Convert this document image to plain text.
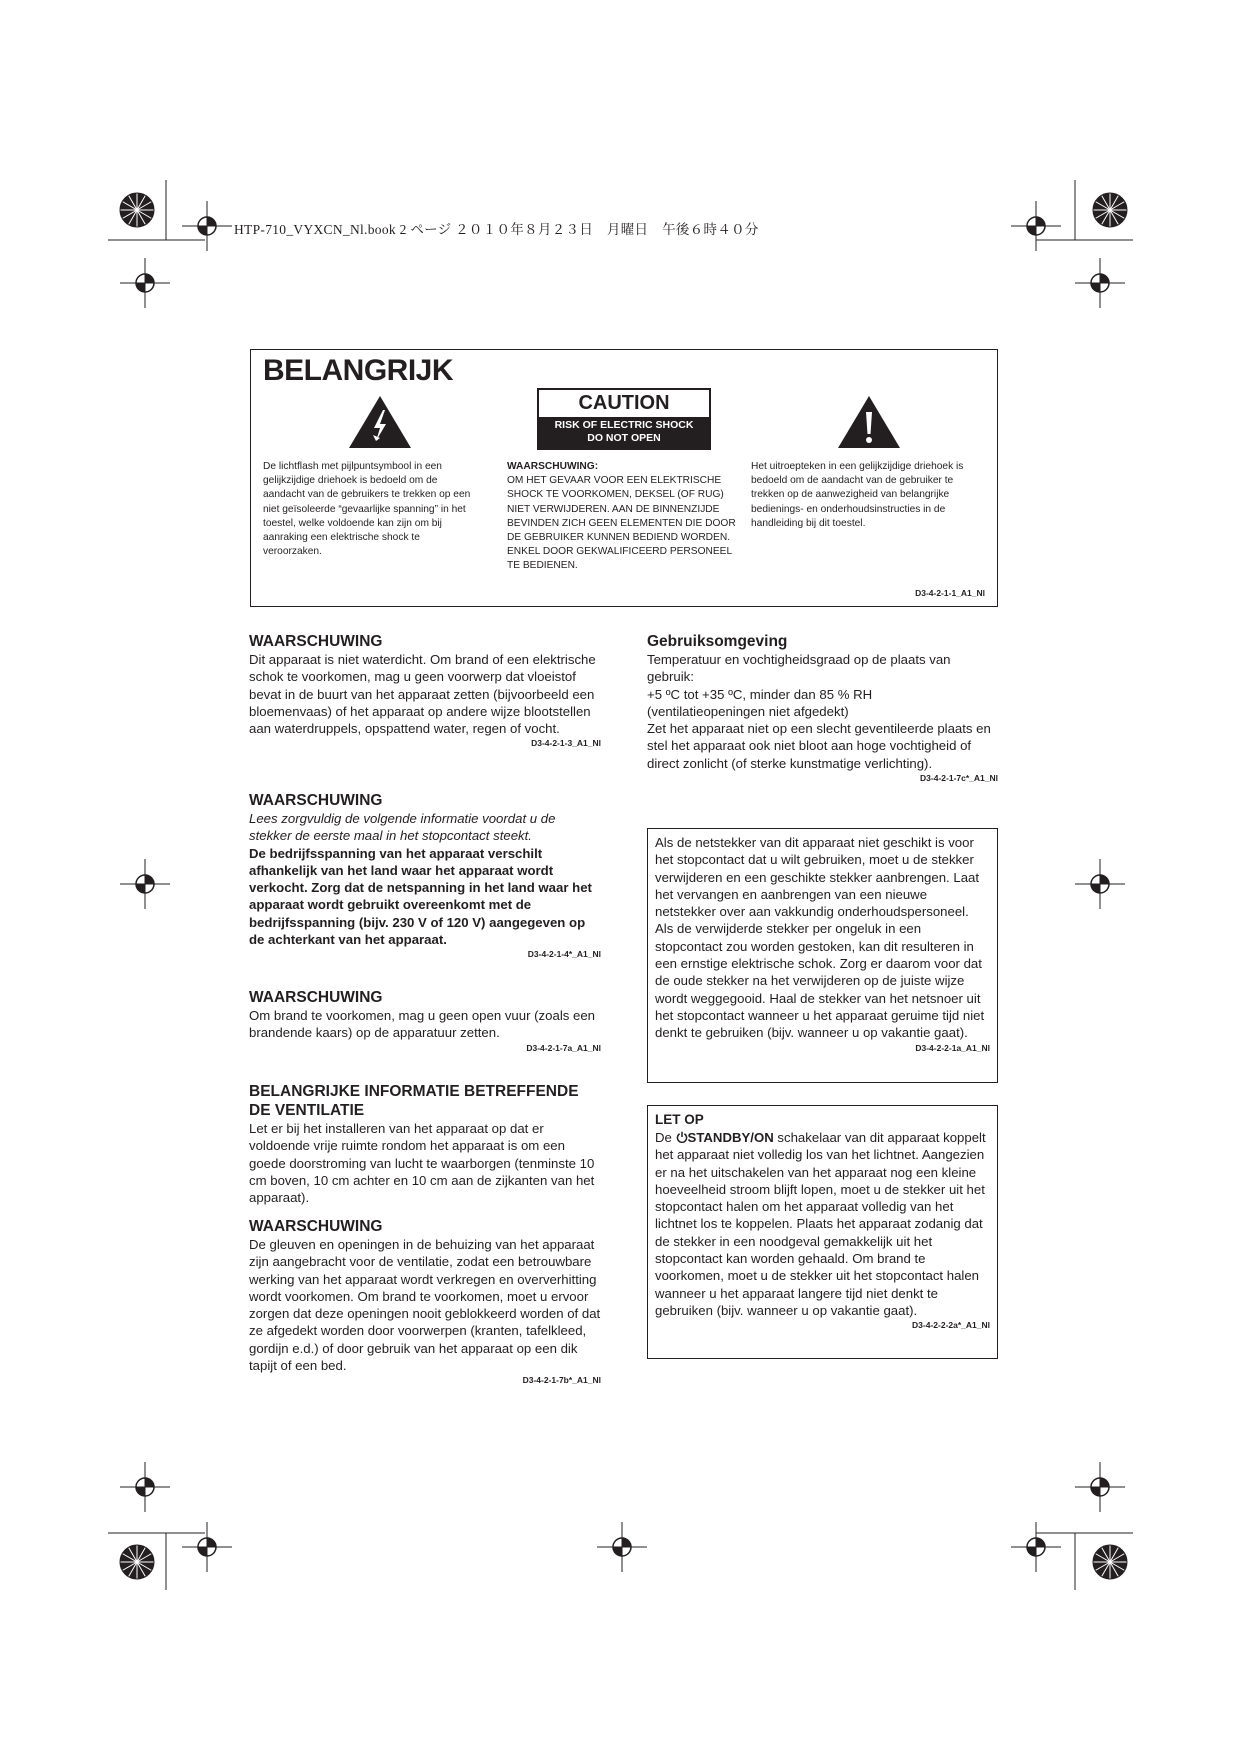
HTP-710_VYXCN_Nl.book 2 ページ ２０１０年８月２３日　月曜日　午後６時４０分
BELANGRIJK
CAUTION
RISK OF ELECTRIC SHOCK
DO NOT OPEN
De lichtflash met pijlpuntsymbool in een gelijkzijdige driehoek is bedoeld om de aandacht van de gebruikers te trekken op een niet geïsoleerde “gevaarlijke spanning” in het toestel, welke voldoende kan zijn om bij aanraking een elektrische shock te veroorzaken.
WAARSCHUWING:
OM HET GEVAAR VOOR EEN ELEKTRISCHE SHOCK TE VOORKOMEN, DEKSEL (OF RUG) NIET VERWIJDEREN. AAN DE BINNENZIJDE BEVINDEN ZICH GEEN ELEMENTEN DIE DOOR DE GEBRUIKER KUNNEN BEDIEND WORDEN. ENKEL DOOR GEKWALIFICEERD PERSONEEL TE BEDIENEN.
Het uitroepteken in een gelijkzijdige driehoek is bedoeld om de aandacht van de gebruiker te trekken op de aanwezigheid van belangrijke bedienings- en onderhoudsinstructies in de handleiding bij dit toestel.
D3-4-2-1-1_A1_Nl
WAARSCHUWING

Dit apparaat is niet waterdicht. Om brand of een elektrische schok te voorkomen, mag u geen voorwerp dat vloeistof bevat in de buurt van het apparaat zetten (bijvoorbeeld een bloemenvaas) of het apparaat op andere wijze blootstellen aan waterdruppels, opspattend water, regen of vocht.

D3-4-2-1-3_A1_Nl
WAARSCHUWING

Lees zorgvuldig de volgende informatie voordat u de stekker de eerste maal in het stopcontact steekt.

De bedrijfsspanning van het apparaat verschilt afhankelijk van het land waar het apparaat wordt verkocht. Zorg dat de netspanning in het land waar het apparaat wordt gebruikt overeenkomt met de bedrijfsspanning (bijv. 230 V of 120 V) aangegeven op de achterkant van het apparaat.

D3-4-2-1-4*_A1_Nl
WAARSCHUWING

Om brand te voorkomen, mag u geen open vuur (zoals een brandende kaars) op de apparatuur zetten.

D3-4-2-1-7a_A1_Nl
BELANGRIJKE INFORMATIE BETREFFENDE
DE VENTILATIE

Let er bij het installeren van het apparaat op dat er voldoende vrije ruimte rondom het apparaat is om een goede doorstroming van lucht te waarborgen (tenminste 10 cm boven, 10 cm achter en 10 cm aan de zijkanten van het apparaat).

WAARSCHUWING

De gleuven en openingen in de behuizing van het apparaat zijn aangebracht voor de ventilatie, zodat een betrouwbare werking van het apparaat wordt verkregen en oververhitting wordt voorkomen. Om brand te voorkomen, moet u ervoor zorgen dat deze openingen nooit geblokkeerd worden of dat ze afgedekt worden door voorwerpen (kranten, tafelkleed, gordijn e.d.) of door gebruik van het apparaat op een dik tapijt of een bed.

D3-4-2-1-7b*_A1_Nl
Gebruiksomgeving

Temperatuur en vochtigheidsgraad op de plaats van gebruik:

+5 ºC tot +35 ºC, minder dan 85 % RH

(ventilatieopeningen niet afgedekt)

Zet het apparaat niet op een slecht geventileerde plaats en stel het apparaat ook niet bloot aan hoge vochtigheid of direct zonlicht (of sterke kunstmatige verlichting).

D3-4-2-1-7c*_A1_Nl

Als de netstekker van dit apparaat niet geschikt is voor het stopcontact dat u wilt gebruiken, moet u de stekker verwijderen en een geschikte stekker aanbrengen. Laat het vervangen en aanbrengen van een nieuwe netstekker over aan vakkundig onderhoudspersoneel. Als de verwijderde stekker per ongeluk in een stopcontact zou worden gestoken, kan dit resulteren in een ernstige elektrische schok. Zorg er daarom voor dat de oude stekker na het verwijderen op de juiste wijze wordt weggegooid. Haal de stekker van het netsnoer uit het stopcontact wanneer u het apparaat geruime tijd niet denkt te gebruiken (bijv. wanneer u op vakantie gaat).

D3-4-2-2-1a_A1_Nl
LET OP

De STANDBY/ON schakelaar van dit apparaat koppelt het apparaat niet volledig los van het lichtnet. Aangezien er na het uitschakelen van het apparaat nog een kleine hoeveelheid stroom blijft lopen, moet u de stekker uit het stopcontact halen om het apparaat volledig van het lichtnet los te koppelen. Plaats het apparaat zodanig dat de stekker in een noodgeval gemakkelijk uit het stopcontact kan worden gehaald. Om brand te voorkomen, moet u de stekker uit het stopcontact halen wanneer u het apparaat langere tijd niet denkt te gebruiken (bijv. wanneer u op vakantie gaat).

D3-4-2-2-2a*_A1_Nl
